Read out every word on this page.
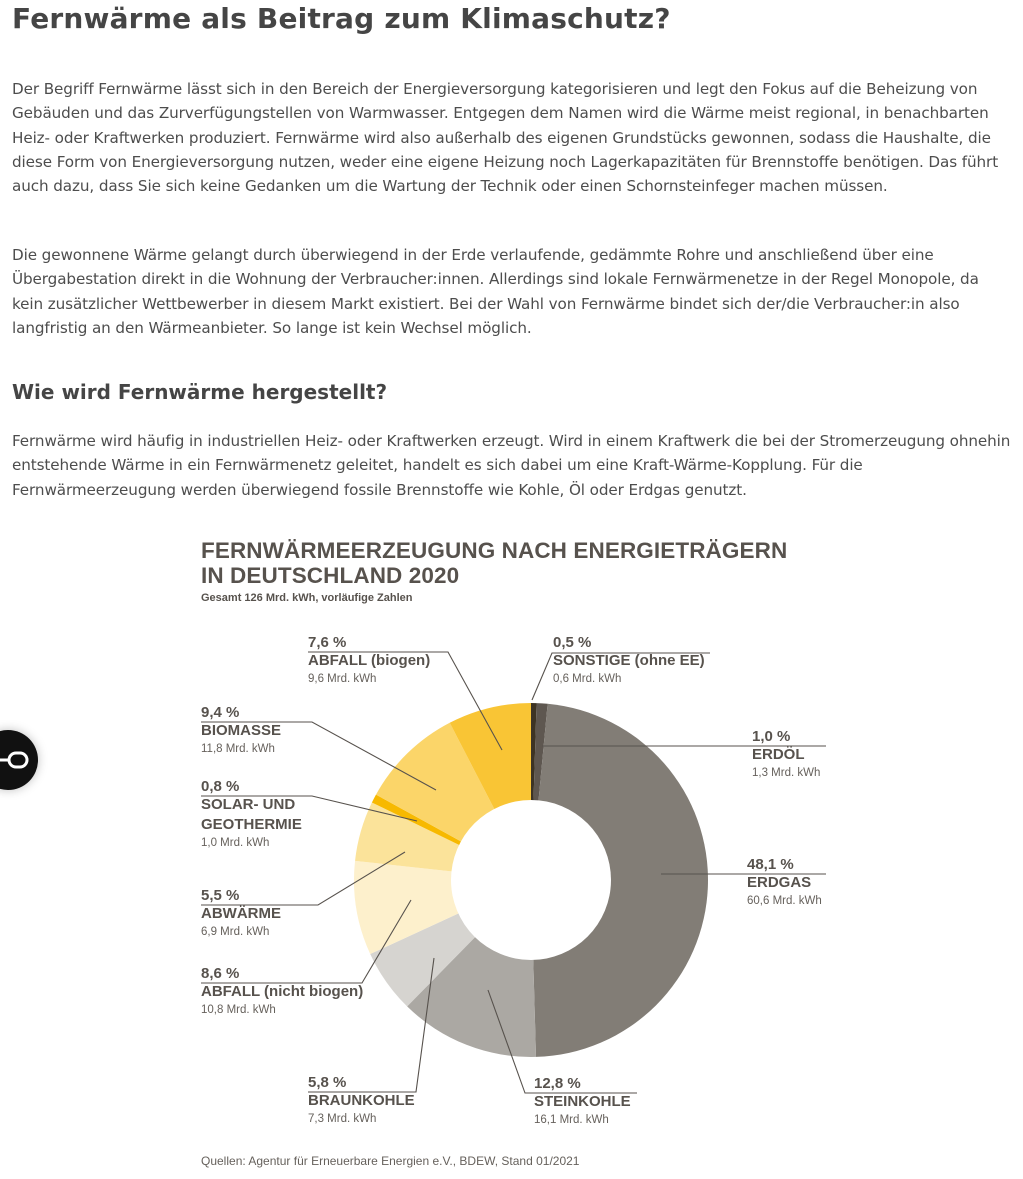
Fernwärme als Beitrag zum Klimaschutz?

Der Begriff Fernwärme lässt sich in den Bereich der Energieversorgung kategorisieren und legt den Fokus auf die Beheizung von Gebäuden und das Zurverfügungstellen von Warmwasser. Entgegen dem Namen wird die Wärme meist regional, in benachbarten Heiz- oder Kraftwerken produziert. Fernwärme wird also außerhalb des eigenen Grundstücks gewonnen, sodass die Haushalte, die diese Form von Energieversorgung nutzen, weder eine eigene Heizung noch Lagerkapazitäten für Brennstoffe benötigen. Das führt auch dazu, dass Sie sich keine Gedanken um die Wartung der Technik oder einen Schornsteinfeger machen müssen.

Die gewonnene Wärme gelangt durch überwiegend in der Erde verlaufende, gedämmte Rohre und anschließend über eine Übergabestation direkt in die Wohnung der Verbraucher:innen. Allerdings sind lokale Fernwärmenetze in der Regel Monopole, da kein zusätzlicher Wettbewerber in diesem Markt existiert. Bei der Wahl von Fernwärme bindet sich der/die Verbraucher:in also langfristig an den Wärmeanbieter. So lange ist kein Wechsel möglich.

Wie wird Fernwärme hergestellt?

Fernwärme wird häufig in industriellen Heiz- oder Kraftwerken erzeugt. Wird in einem Kraftwerk die bei der Stromerzeugung ohnehin entstehende Wärme in ein Fernwärmenetz geleitet, handelt es sich dabei um eine Kraft-Wärme-Kopplung. Für die Fernwärmeerzeugung werden überwiegend fossile Brennstoffe wie Kohle, Öl oder Erdgas genutzt.

FERNWÄRMEERZEUGUNG NACH ENERGIETRÄGERN
IN DEUTSCHLAND 2020
Gesamt 126 Mrd. kWh, vorläufige Zahlen
7,6 %
ABFALL (biogen)
9,6 Mrd. kWh
0,5 %
SONSTIGE (ohne EE)
0,6 Mrd. kWh
9,4 %
BIOMASSE
11,8 Mrd. kWh
1,0 %
ERDÖL
1,3 Mrd. kWh
0,8 %
SOLAR- UND
GEOTHERMIE
1,0 Mrd. kWh
48,1 %
ERDGAS
60,6 Mrd. kWh
5,5 %
ABWÄRME
6,9 Mrd. kWh
8,6 %
ABFALL (nicht biogen)
10,8 Mrd. kWh
5,8 %
BRAUNKOHLE
7,3 Mrd. kWh
12,8 %
STEINKOHLE
16,1 Mrd. kWh
Quellen: Agentur für Erneuerbare Energien e.V., BDEW, Stand 01/2021
